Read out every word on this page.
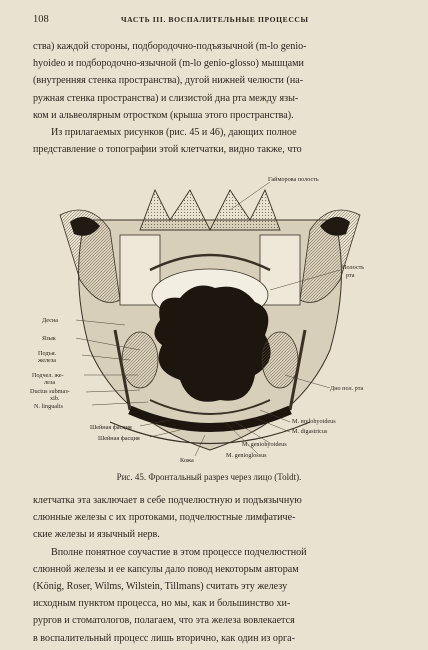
108	ЧАСТЬ III. ВОСПАЛИТЕЛЬНЫЕ ПРОЦЕССЫ
ства) каждой стороны, подбородочно-подъязычной (m-lo genio-
hyoideo и подбородочно-язычной (m-lo genio-glosso) мышцами
(внутренняя стенка пространства), дугой нижней челюсти (на-
ружная стенка пространства) и слизистой дна рта между язы-
ком и альвеолярным отростком (крыша этого пространства).
Из прилагаемых рисунков (рис. 45 и 46), дающих полное
представление о топографии этой клетчатки, видно также, что
Гайморова полость
Полость
рта
Десна
Язык
Подъя.
железа
Подчел. же-
леза
Ductus submaз-
xib.
N. lingualis
Шейная фасция
Шейная фасция
Кожа
Дно пол. рта
M. mylohyoideus
M. digastricus
M. geniohyoideus
M. genioglossus
Рис. 45. Фронтальный разрез через лицо (Toldt).
клетчатка эта заключает в себе подчелюстную и подъязычную
слюнные железы с их протоками, подчелюстные лимфатиче-
ские железы и язычный нерв.
Вполне понятное соучастие в этом процессе подчелюстной
слюнной железы и ее капсулы дало повод некоторым авторам
(König, Roser, Wilms, Wilstein, Tillmans) считать эту железу
исходным пунктом процесса, но мы, как и большинство хи-
рургов и стоматологов, полагаем, что эта железа вовлекается
в воспалительный процесс лишь вторично, как один из орга-
